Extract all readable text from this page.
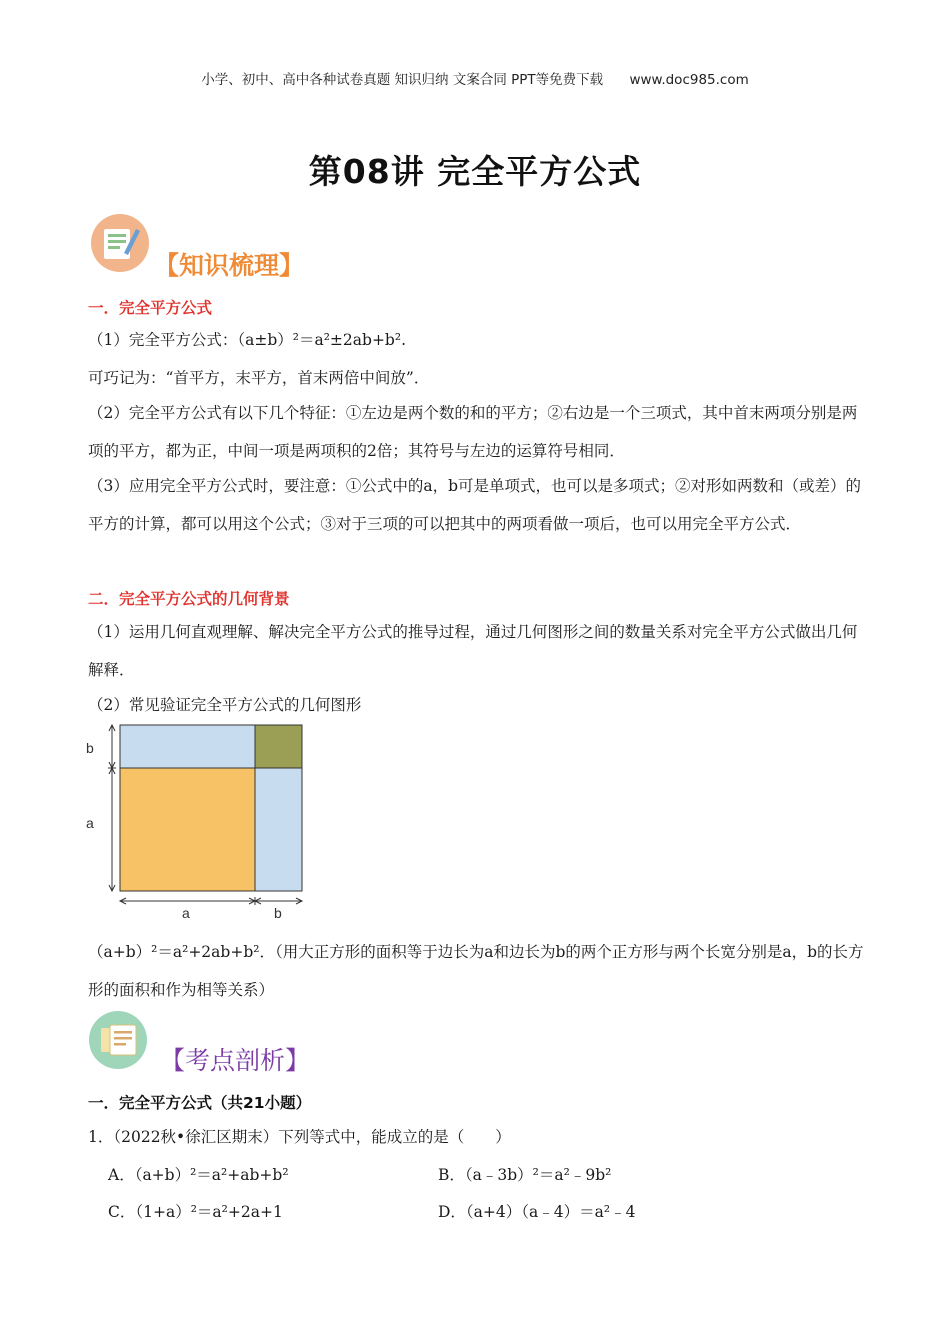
小学、初中、高中各种试卷真题 知识归纳 文案合同 PPT等免费下载 www.doc985.com
第08讲 完全平方公式
【知识梳理】
一．完全平方公式
（1）完全平方公式：（a±b）²＝a²±2ab+b².
可巧记为：“首平方，末平方，首末两倍中间放”．
（2）完全平方公式有以下几个特征：①左边是两个数的和的平方；②右边是一个三项式，其中首末两项分别是两项的平方，都为正，中间一项是两项积的2倍；其符号与左边的运算符号相同．
（3）应用完全平方公式时，要注意：①公式中的a，b可是单项式，也可以是多项式；②对形如两数和（或差）的平方的计算，都可以用这个公式；③对于三项的可以把其中的两项看做一项后，也可以用完全平方公式．
二．完全平方公式的几何背景
（1）运用几何直观理解、解决完全平方公式的推导过程，通过几何图形之间的数量关系对完全平方公式做出几何解释．
（2）常见验证完全平方公式的几何图形
b
a
a	b
（a+b）²＝a²+2ab+b²．（用大正方形的面积等于边长为a和边长为b的两个正方形与两个长宽分别是a，b的长方形的面积和作为相等关系）
【考点剖析】
一．完全平方公式（共21小题）
1．（2022秋•徐汇区期末）下列等式中，能成立的是（　　）
A．（a+b）²＝a²+ab+b²	B．（a﹣3b）²＝a²﹣9b²
C．（1+a）²＝a²+2a+1	D．（a+4）（a﹣4）＝a²﹣4
